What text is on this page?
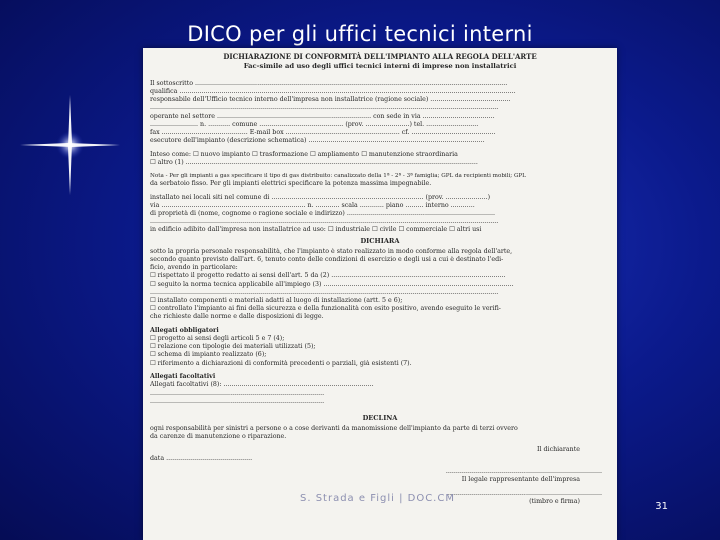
DICO per gli uffici tecnici interni
DICHIARAZIONE DI CONFORMITÀ DELL'IMPIANTO ALLA REGOLA DELL'ARTE
Fac-simile ad uso degli uffici tecnici interni di imprese non installatrici
Il sottoscritto ............................................................................................................................................................
qualifica ........................................................................................................................................................................
responsabile dell'Ufficio tecnico interno dell'impresa non installatrice (ragione sociale) ........................................
..............................................................................................................................................................................
operante nel settore ............................................................................. con sede in via ....................................
........................ n. ........... comune .......................................... (prov. ......................) tel. ..........................
fax ........................................... E-mail box ......................................................... cf. ..........................................
esecutore dell'impianto (descrizione schematica) ........................................................................................
Inteso come: ☐ nuovo impianto ☐ trasformazione ☐ ampliamento ☐ manutenzione straordinaria
☐ altro (1) ..................................................................................................................................................
Nota - Per gli impianti a gas specificare il tipo di gas distribuito: canalizzato della 1ª - 2ª - 3ª famiglia; GPL da recipienti mobili; GPL
da serbatoio fisso. Per gli impianti elettrici specificare la potenza massima impegnabile.
installato nei locali siti nel comune di ............................................................................ (prov. .....................)
via ........................................................................ n. ............ scala ............ piano ......... interno ............
di proprietà di (nome, cognome o ragione sociale e indirizzo) ..........................................................................
..............................................................................................................................................................................
in edificio adibito dall'impresa non installatrice ad uso: ☐ industriale ☐ civile ☐ commerciale ☐ altri usi
DICHIARA
sotto la propria personale responsabilità, che l'impianto è stato realizzato in modo conforme alla regola dell'arte,
secondo quanto previsto dall'art. 6, tenuto conto delle condizioni di esercizio e degli usi a cui è destinato l'edi-
ficio, avendo in particolare:
☐ rispettato il progetto redatto ai sensi dell'art. 5 da (2) .......................................................................................
☐ seguito la norma tecnica applicabile all'impiego (3) ...............................................................................................
..............................................................................................................................................................................
☐ installato componenti e materiali adatti al luogo di installazione (artt. 5 e 6);
☐ controllato l'impianto ai fini della sicurezza e della funzionalità con esito positivo, avendo eseguito le verifi-
che richieste dalle norme e dalle disposizioni di legge.
Allegati obbligatori
☐ progetto ai sensi degli articoli 5 e 7 (4);
☐ relazione con tipologie dei materiali utilizzati (5);
☐ schema di impianto realizzato (6);
☐ riferimento a dichiarazioni di conformità precedenti o parziali, già esistenti (7).
Allegati facoltativi
Allegati facoltativi (8): ...........................................................................
.......................................................................................
.......................................................................................
DECLINA
ogni responsabilità per sinistri a persone o a cose derivanti da manomissione dell'impianto da parte di terzi ovvero
da carenze di manutenzione o riparazione.
Il dichiarante
data ...........................................
..............................................................................
Il legale rappresentante dell'impresa
..............................................................................
(timbro e firma)
S. Strada e Figli | DOC.CM
31
